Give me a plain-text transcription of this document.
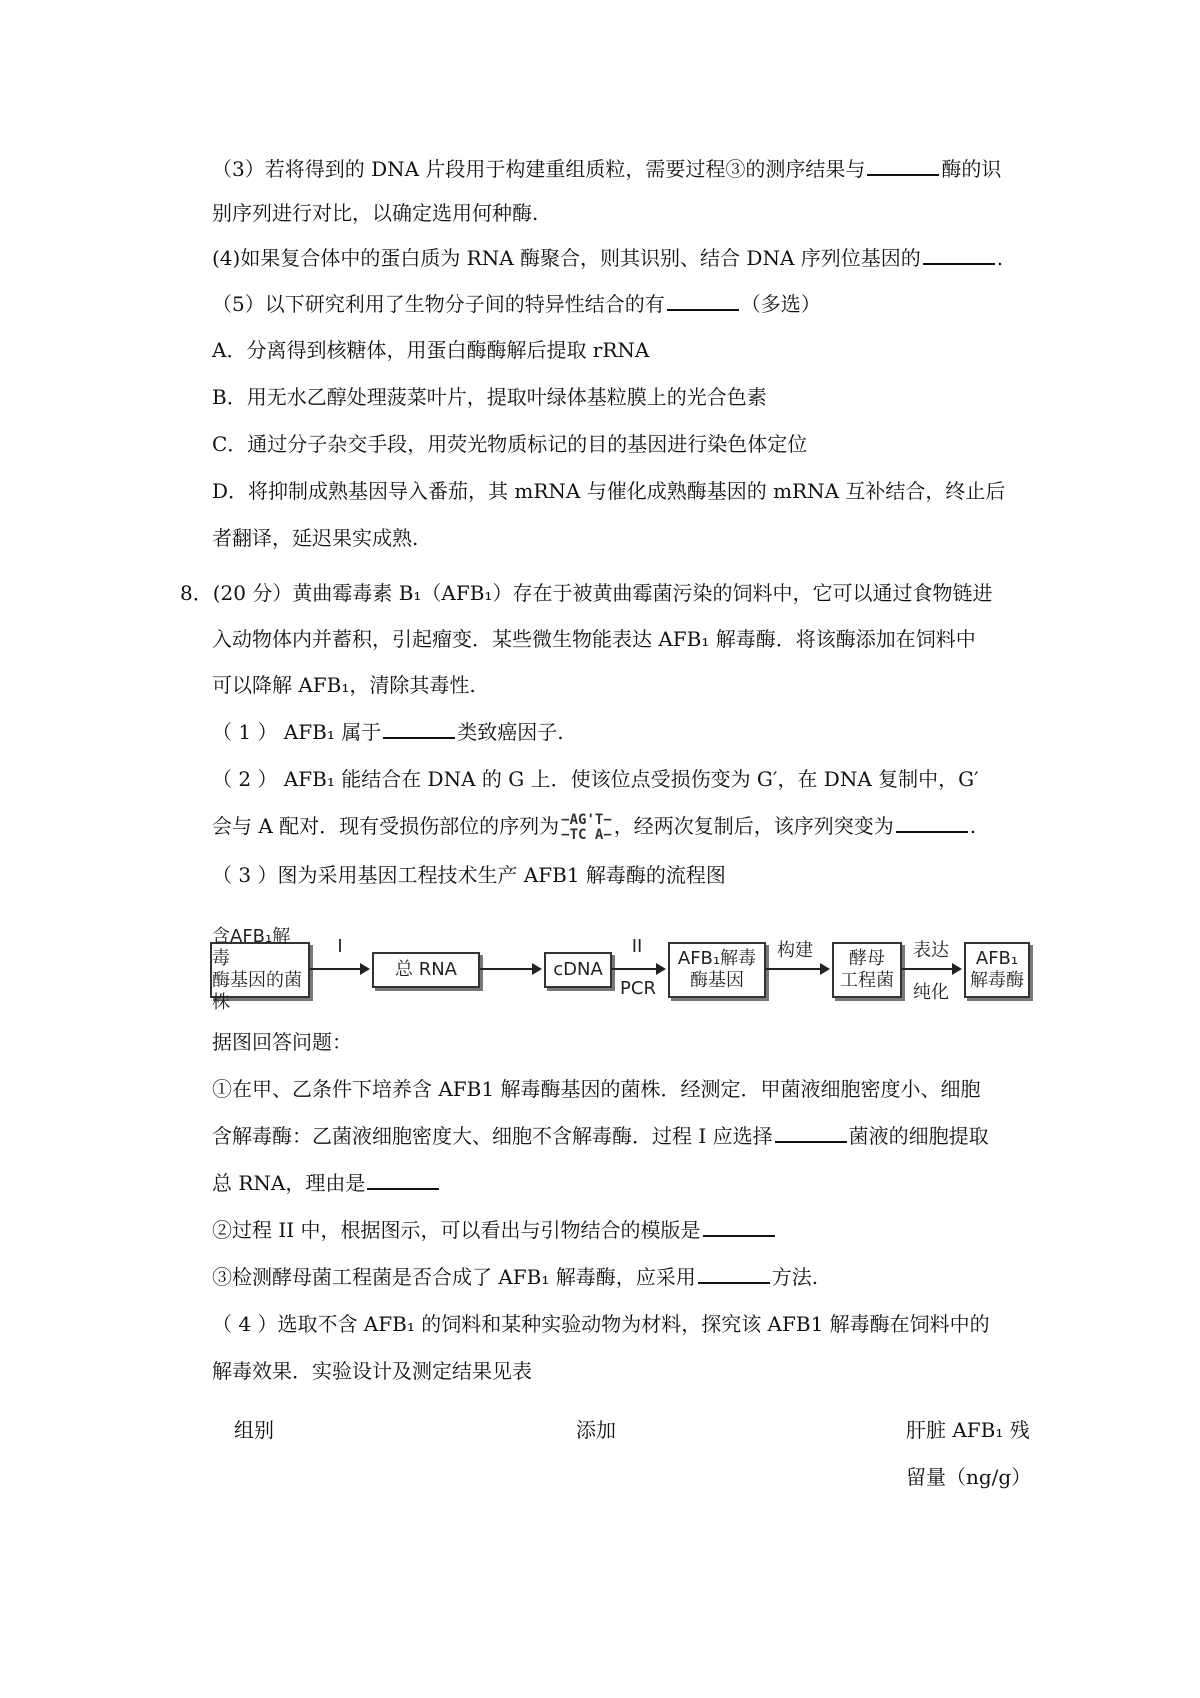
（3）若将得到的 DNA 片段用于构建重组质粒，需要过程③的测序结果与	酶的识
别序列进行对比，以确定选用何种酶.
(4)如果复合体中的蛋白质为 RNA 酶聚合，则其识别、结合 DNA 序列位基因的	.
（5）以下研究利用了生物分子间的特异性结合的有	（多选）
A．分离得到核糖体，用蛋白酶酶解后提取 rRNA
B．用无水乙醇处理菠菜叶片，提取叶绿体基粒膜上的光合色素
C．通过分子杂交手段，用荧光物质标记的目的基因进行染色体定位
D．将抑制成熟基因导入番茄，其 mRNA 与催化成熟酶基因的 mRNA 互补结合，终止后
者翻译，延迟果实成熟.
8．(20 分）黄曲霉毒素 B₁（AFB₁）存在于被黄曲霉菌污染的饲料中，它可以通过食物链进
入动物体内并蓄积，引起瘤变．某些微生物能表达 AFB₁ 解毒酶．将该酶添加在饲料中
可以降解 AFB₁，清除其毒性.
（ 1 ） AFB₁ 属于	类致癌因子.
（ 2 ） AFB₁ 能结合在 DNA 的 G 上．使该位点受损伤变为 G′，在 DNA 复制中，G′
会与 A 配对．现有受损伤部位的序列为 −AG'T−
−TC A− ，经两次复制后，该序列突变为	.
（ 3 ）图为采用基因工程技术生产 AFB1 解毒酶的流程图
含AFB₁解毒
酶基因的菌株
I
总 RNA	cDNA
II
PCR
AFB₁解毒
酶基因
构建	酵母
工程菌
表达
纯化
AFB₁
解毒酶
据图回答问题：
①在甲、乙条件下培养含 AFB1 解毒酶基因的菌株．经测定．甲菌液细胞密度小、细胞
含解毒酶：乙菌液细胞密度大、细胞不含解毒酶．过程 I 应选择	菌液的细胞提取
总 RNA，理由是
②过程 II 中，根据图示，可以看出与引物结合的模版是
③检测酵母菌工程菌是否合成了 AFB₁ 解毒酶，应采用	方法.
（ 4 ）选取不含 AFB₁ 的饲料和某种实验动物为材料，探究该 AFB1 解毒酶在饲料中的
解毒效果．实验设计及测定结果见表
组别	添加	肝脏 AFB₁ 残
留量（ng/g）
